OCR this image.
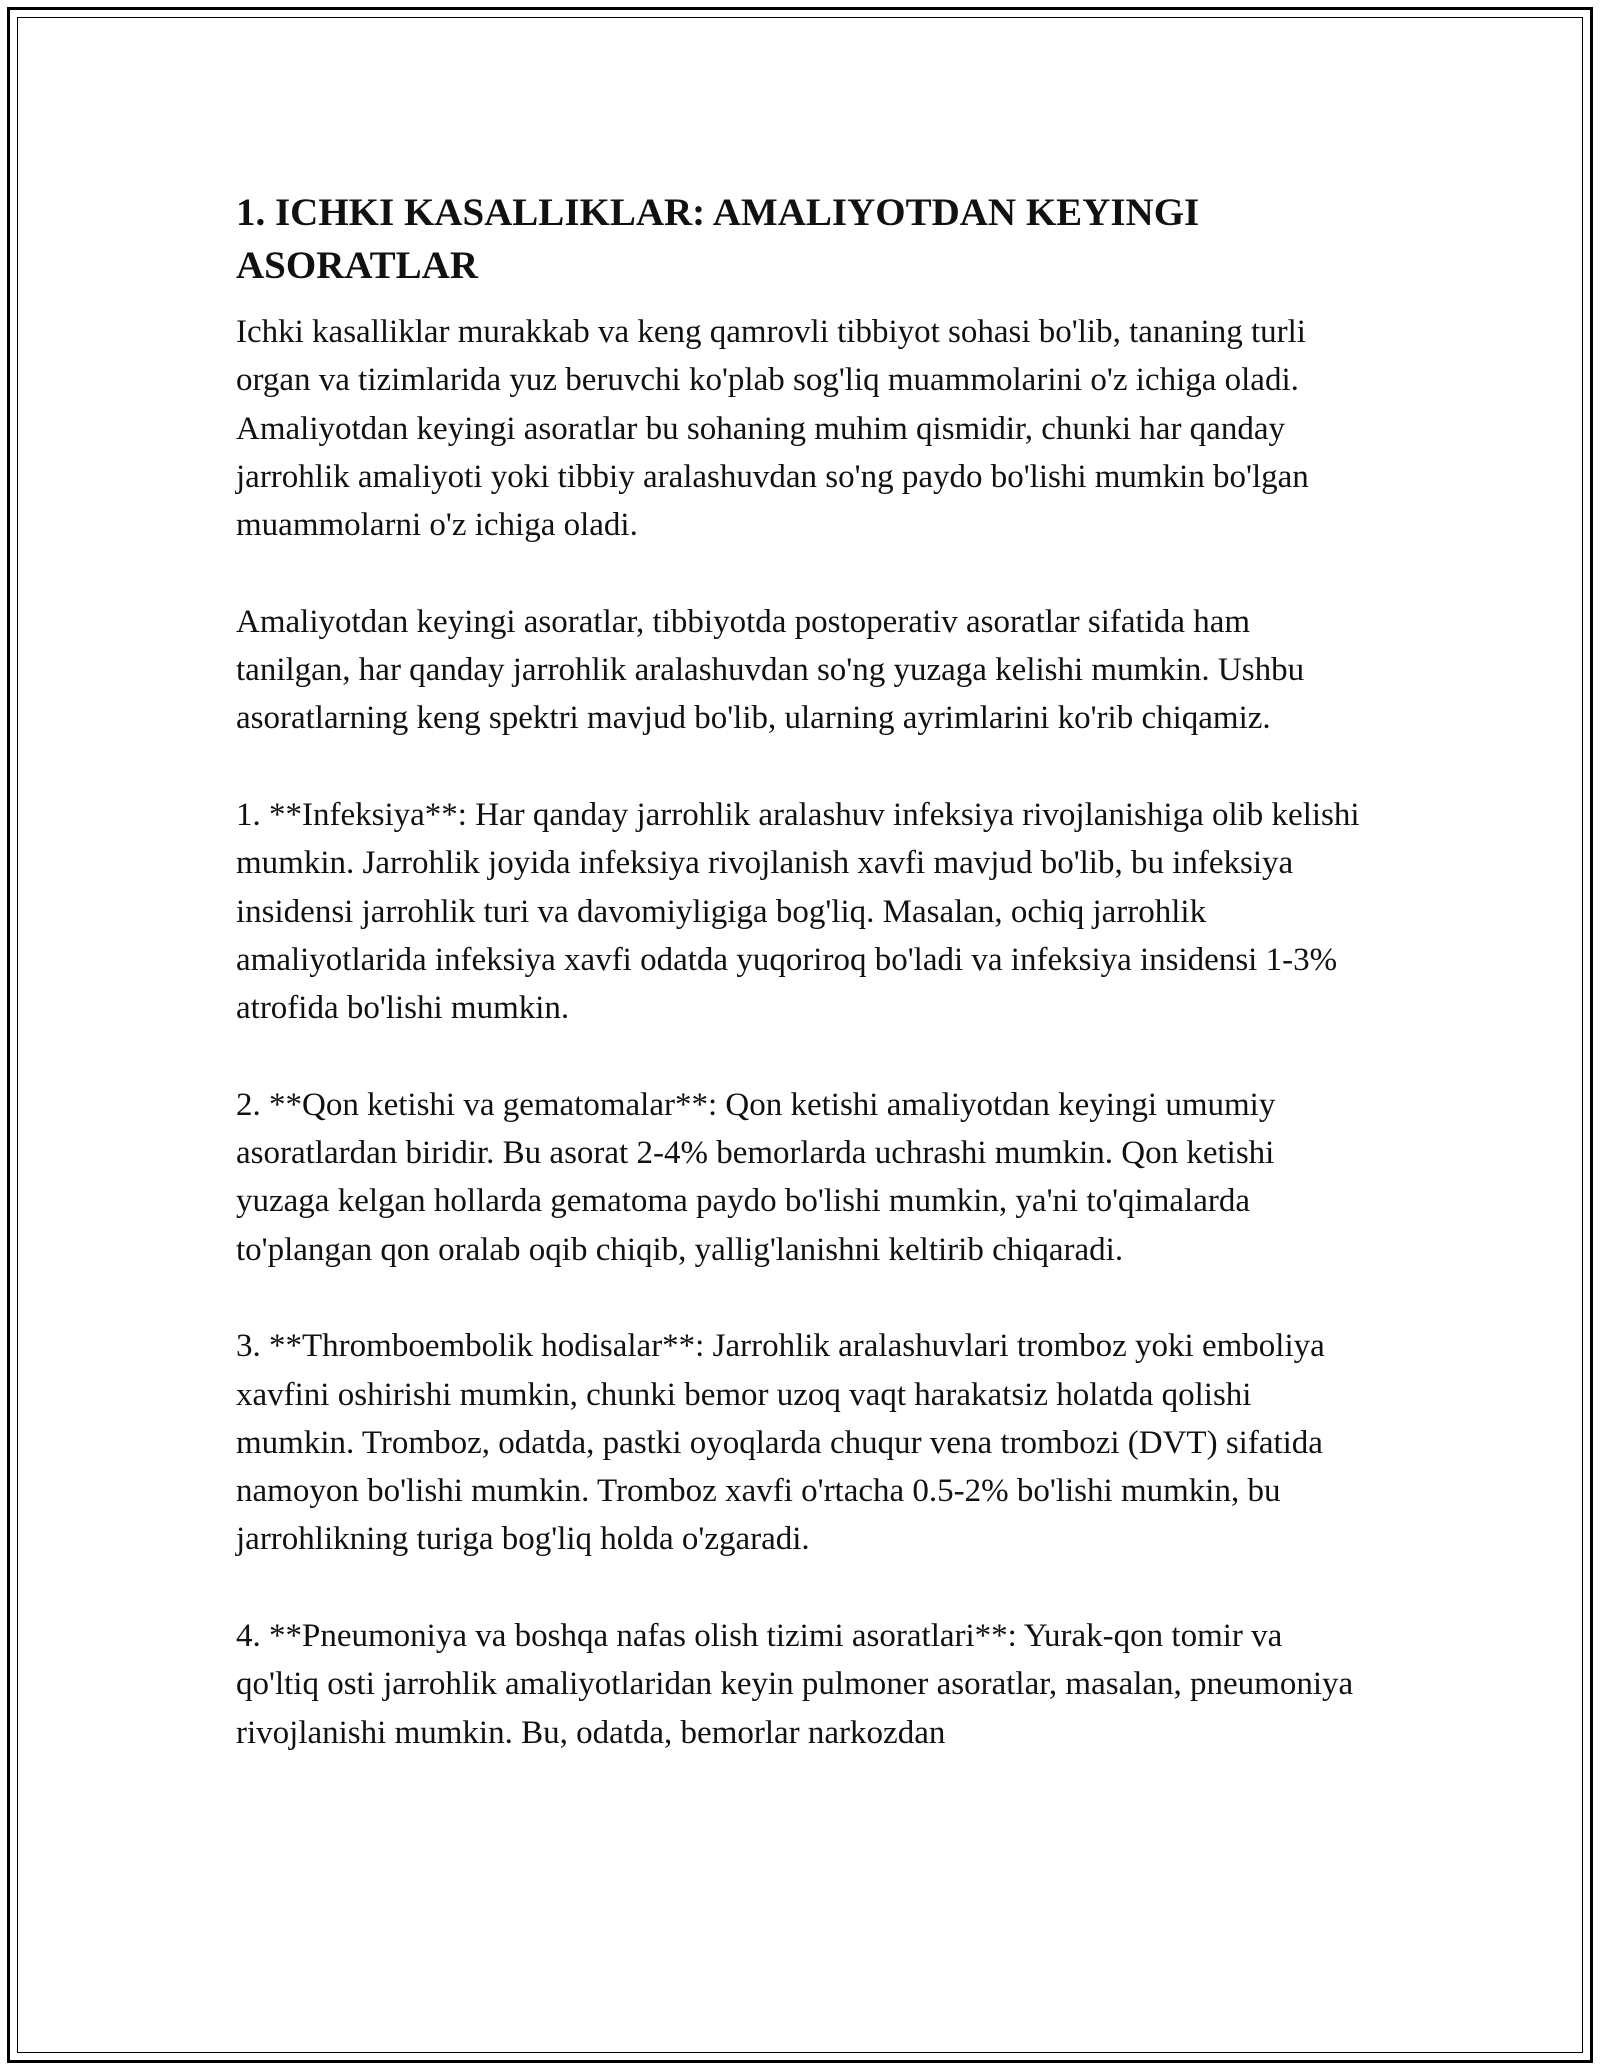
1. ICHKI KASALLIKLAR: AMALIYOTDAN KEYINGI ASORATLAR

Ichki kasalliklar murakkab va keng qamrovli tibbiyot sohasi bo'lib, tananing turli organ va tizimlarida yuz beruvchi ko'plab sog'liq muammolarini o'z ichiga oladi. Amaliyotdan keyingi asoratlar bu sohaning muhim qismidir, chunki har qanday jarrohlik amaliyoti yoki tibbiy aralashuvdan so'ng paydo bo'lishi mumkin bo'lgan muammolarni o'z ichiga oladi.

Amaliyotdan keyingi asoratlar, tibbiyotda postoperativ asoratlar sifatida ham tanilgan, har qanday jarrohlik aralashuvdan so'ng yuzaga kelishi mumkin. Ushbu asoratlarning keng spektri mavjud bo'lib, ularning ayrimlarini ko'rib chiqamiz.

1. **Infeksiya**: Har qanday jarrohlik aralashuv infeksiya rivojlanishiga olib kelishi mumkin. Jarrohlik joyida infeksiya rivojlanish xavfi mavjud bo'lib, bu infeksiya insidensi jarrohlik turi va davomiyligiga bog'liq. Masalan, ochiq jarrohlik amaliyotlarida infeksiya xavfi odatda yuqoriroq bo'ladi va infeksiya insidensi 1-3% atrofida bo'lishi mumkin.

2. **Qon ketishi va gematomalar**: Qon ketishi amaliyotdan keyingi umumiy asoratlardan biridir. Bu asorat 2-4% bemorlarda uchrashi mumkin. Qon ketishi yuzaga kelgan hollarda gematoma paydo bo'lishi mumkin, ya'ni to'qimalarda to'plangan qon oralab oqib chiqib, yallig'lanishni keltirib chiqaradi.

3. **Thromboembolik hodisalar**: Jarrohlik aralashuvlari tromboz yoki emboliya xavfini oshirishi mumkin, chunki bemor uzoq vaqt harakatsiz holatda qolishi mumkin. Tromboz, odatda, pastki oyoqlarda chuqur vena trombozi (DVT) sifatida namoyon bo'lishi mumkin. Tromboz xavfi o'rtacha 0.5-2% bo'lishi mumkin, bu jarrohlikning turiga bog'liq holda o'zgaradi.

4. **Pneumoniya va boshqa nafas olish tizimi asoratlari**: Yurak-qon tomir va qo'ltiq osti jarrohlik amaliyotlaridan keyin pulmoner asoratlar, masalan, pneumoniya rivojlanishi mumkin. Bu, odatda, bemorlar narkozdan
